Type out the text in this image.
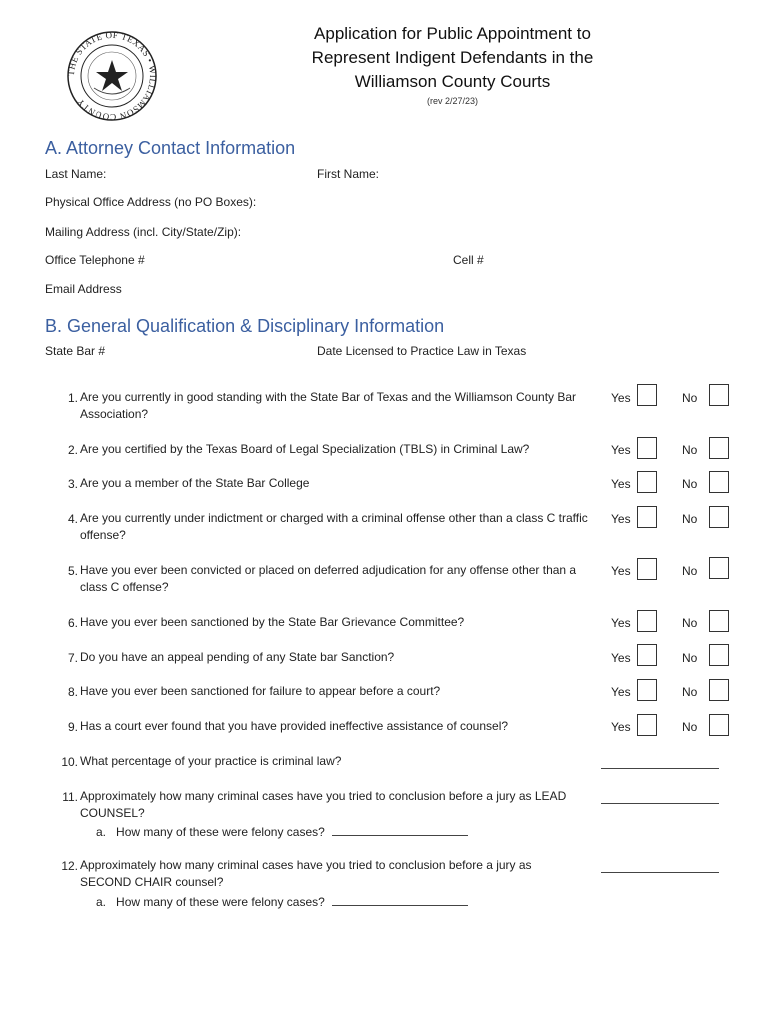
THE STATE OF TEXAS • WILLIAMSON COUNTY
Application for Public Appointment to
Represent Indigent Defendants in the
Williamson County Courts
(rev 2/27/23)
A. Attorney Contact Information
Last Name:	First Name:
Physical Office Address (no PO Boxes):
Mailing Address (incl. City/State/Zip):
Office Telephone #	Cell #
Email Address
B. General Qualification & Disciplinary Information
State Bar #	Date Licensed to Practice Law in Texas
1. Are you currently in good standing with the State Bar of Texas and the Williamson County Bar Association?
Yes	No
2. Are you certified by the Texas Board of Legal Specialization (TBLS) in Criminal Law?	Yes	No
3. Are you a member of the State Bar College	Yes	No
4. Are you currently under indictment or charged with a criminal offense other than a class C traffic offense?
Yes	No
5. Have you ever been convicted or placed on deferred adjudication for any offense other than a class C offense?
Yes	No
6. Have you ever been sanctioned by the State Bar Grievance Committee?	Yes	No
7. Do you have an appeal pending of any State bar Sanction?	Yes	No
8. Have you ever been sanctioned for failure to appear before a court?	Yes	No
9. Has a court ever found that you have provided ineffective assistance of counsel?	Yes	No
10. What percentage of your practice is criminal law?
11. Approximately how many criminal cases have you tried to conclusion before a jury as LEAD COUNSEL?
a. How many of these were felony cases?
12. Approximately how many criminal cases have you tried to conclusion before a jury as SECOND CHAIR counsel?
a. How many of these were felony cases?
